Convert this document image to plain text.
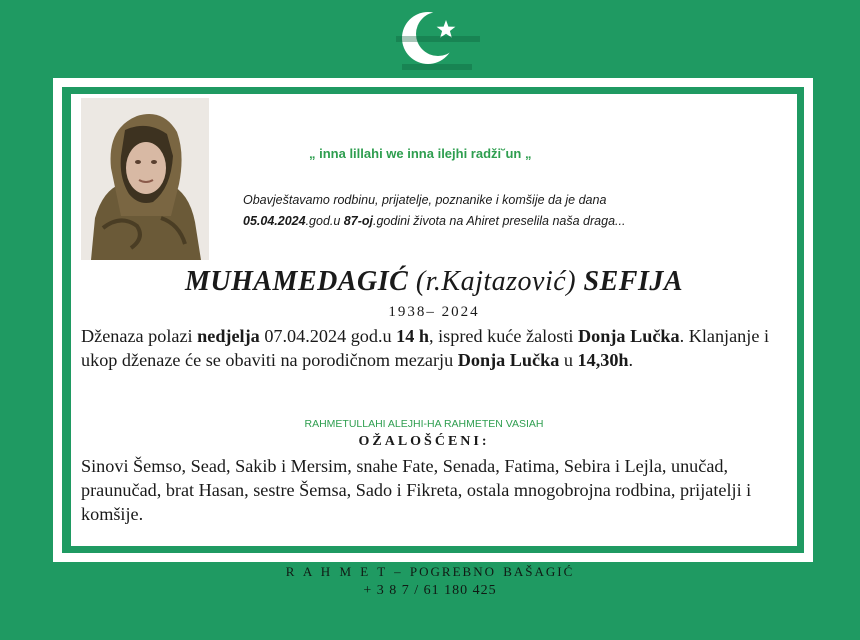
„ inna lillahi we inna ilejhi radži˘un „
Obavještavamo rodbinu, prijatelje, poznanike i komšije da je dana
05.04.2024.god.u 87-oj.godini života na Ahiret preselila naša draga...
MUHAMEDAGIĆ (r.Kajtazović) SEFIJA
1938– 2024
Dženaza polazi nedjelja 07.04.2024 god.u 14 h, ispred kuće žalosti Donja Lučka. Klanjanje i ukop dženaze će se obaviti na porodičnom mezarju Donja Lučka u 14,30h.
RAHMETULLAHI ALEJHI-HA RAHMETEN VASIAH
OŽALOŠĆENI:
Sinovi Šemso, Sead, Sakib i Mersim, snahe Fate, Senada, Fatima, Sebira i Lejla, unučad, praunučad, brat Hasan, sestre Šemsa, Sado i Fikreta, ostala mnogobrojna rodbina, prijatelji i komšije.
R A H M E T – POGREBNO BAŠAGIĆ
+ 3 8 7 / 61 180 425
